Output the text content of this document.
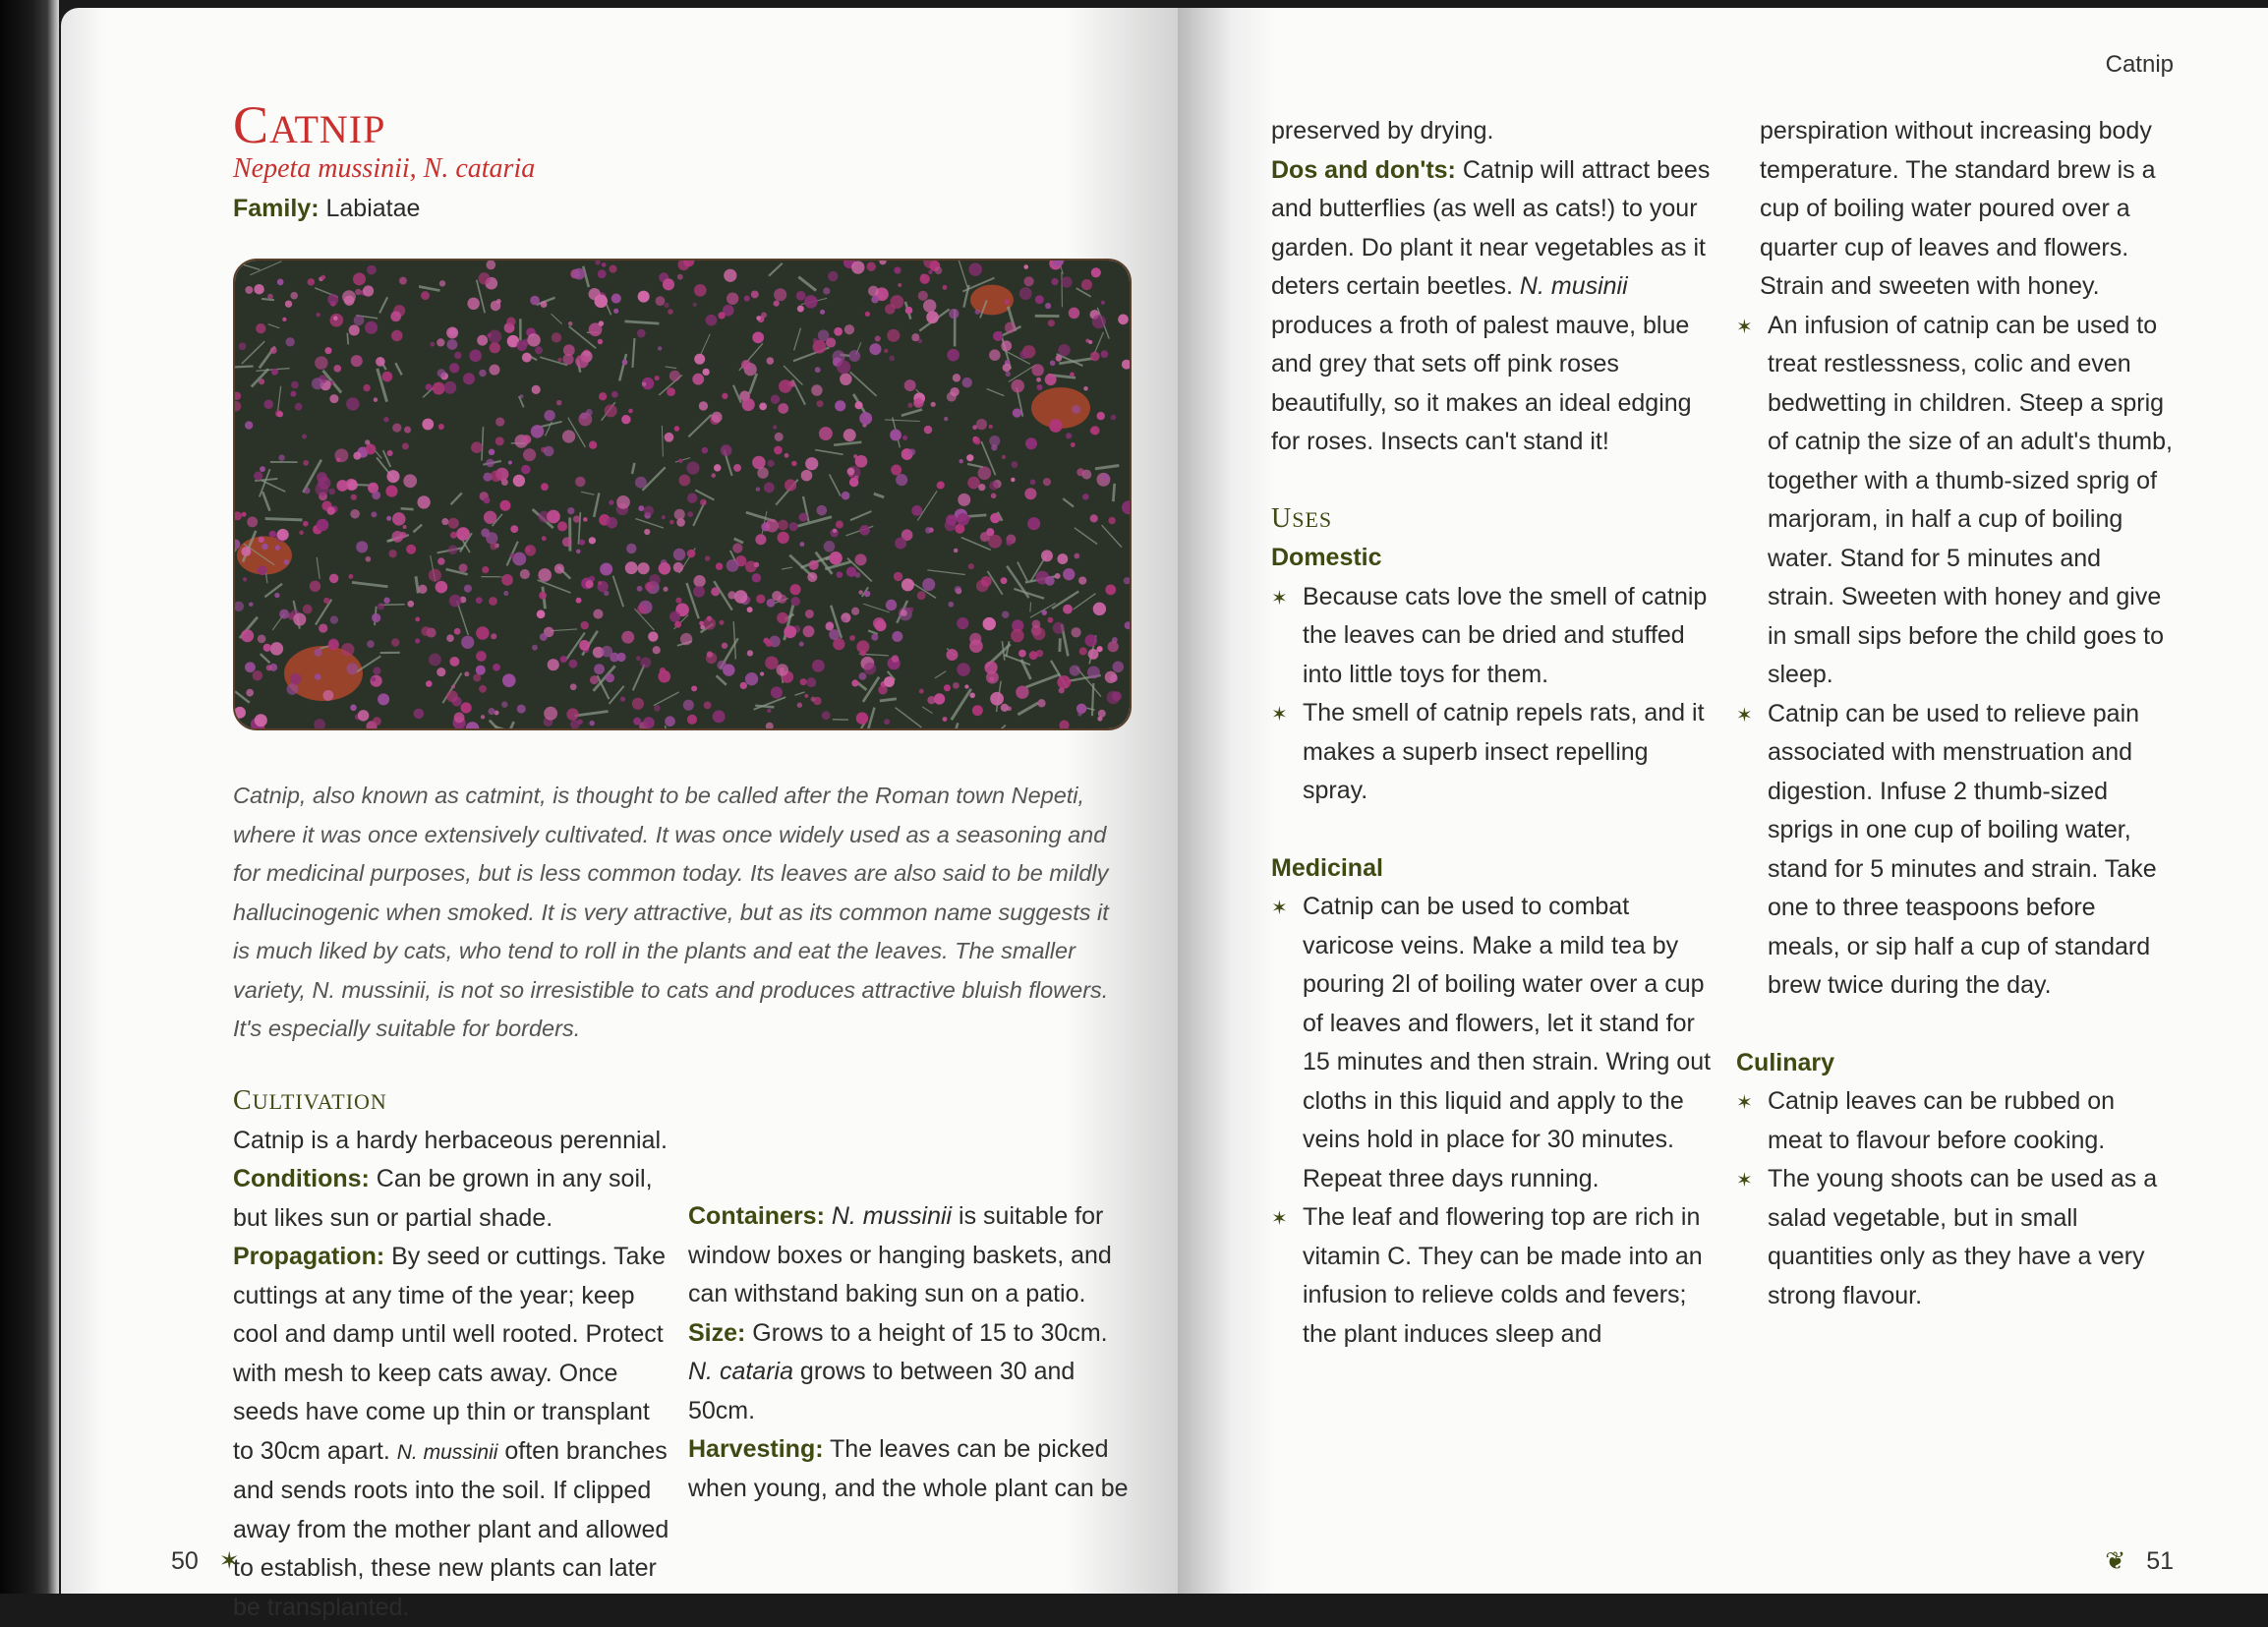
CATNIP
Nepeta mussinii, N. cataria
Family: Labiatae
Catnip, also known as catmint, is thought to be called after the Roman town Nepeti, where it was once extensively cultivated. It was once widely used as a seasoning and for medicinal purposes, but is less common today. Its leaves are also said to be mildly hallucinogenic when smoked. It is very attractive, but as its common name suggests it is much liked by cats, who tend to roll in the plants and eat the leaves. The smaller variety, N. mussinii, is not so irresistible to cats and produces attractive bluish flowers. It's especially suitable for borders.

CULTIVATION

Catnip is a hardy herbaceous perennial.

Conditions: Can be grown in any soil, but likes sun or partial shade.

Propagation: By seed or cuttings. Take cuttings at any time of the year; keep cool and damp until well rooted. Protect with mesh to keep cats away. Once seeds have come up thin or transplant to 30cm apart. N. mussinii often branches and sends roots into the soil. If clipped away from the mother plant and allowed to establish, these new plants can later be transplanted.

Containers: N. mussinii is suitable for window boxes or hanging baskets, and can withstand baking sun on a patio.

Size: Grows to a height of 15 to 30cm. N. cataria grows to between 30 and 50cm.

Harvesting: The leaves can be picked when young, and the whole plant can be

50 ✶
Catnip

preserved by drying.

Dos and don'ts: Catnip will attract bees and butterflies (as well as cats!) to your garden. Do plant it near vegetables as it deters certain beetles. N. musinii produces a froth of palest mauve, blue and grey that sets off pink roses beautifully, so it makes an ideal edging for roses. Insects can't stand it!

USES

Domestic

✶ Because cats love the smell of catnip the leaves can be dried and stuffed into little toys for them.
✶ The smell of catnip repels rats, and it makes a superb insect repelling spray.

Medicinal

✶ Catnip can be used to combat varicose veins. Make a mild tea by pouring 2l of boiling water over a cup of leaves and flowers, let it stand for 15 minutes and then strain. Wring out cloths in this liquid and apply to the veins hold in place for 30 minutes. Repeat three days running.
✶ The leaf and flowering top are rich in vitamin C. They can be made into an infusion to relieve colds and fevers; the plant induces sleep and

perspiration without increasing body temperature. The standard brew is a cup of boiling water poured over a quarter cup of leaves and flowers. Strain and sweeten with honey.

✶ An infusion of catnip can be used to treat restlessness, colic and even bedwetting in children. Steep a sprig of catnip the size of an adult's thumb, together with a thumb-sized sprig of marjoram, in half a cup of boiling water. Stand for 5 minutes and strain. Sweeten with honey and give in small sips before the child goes to sleep.
✶ Catnip can be used to relieve pain associated with menstruation and digestion. Infuse 2 thumb-sized sprigs in one cup of boiling water, stand for 5 minutes and strain. Take one to three teaspoons before meals, or sip half a cup of standard brew twice during the day.

Culinary

✶ Catnip leaves can be rubbed on meat to flavour before cooking.
✶ The young shoots can be used as a salad vegetable, but in small quantities only as they have a very strong flavour.
❦ 51
